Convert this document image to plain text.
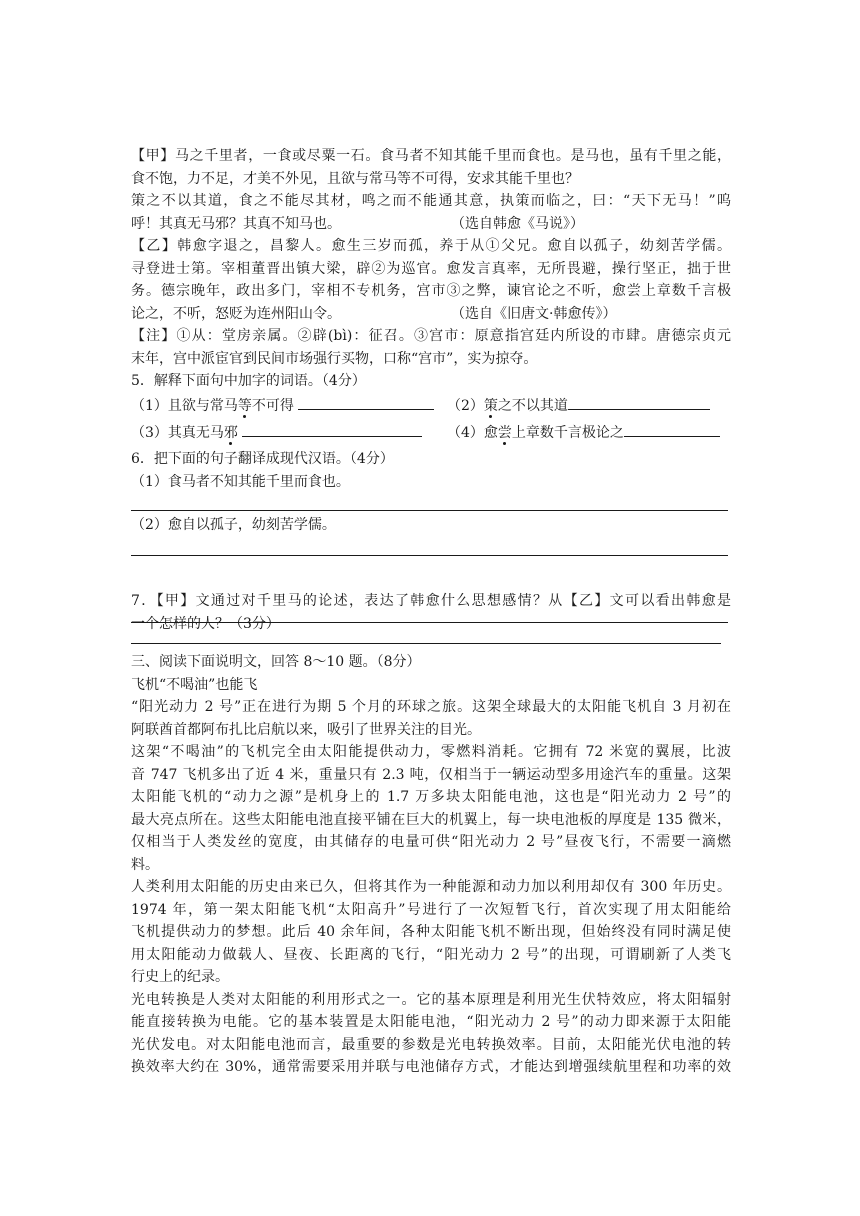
【甲】马之千里者，一食或尽粟一石。食马者不知其能千里而食也。是马也，虽有千里之能，
食不饱，力不足，才美不外见，且欲与常马等不可得，安求其能千里也？
策之不以其道，食之不能尽其材，鸣之而不能通其意，执策而临之，曰：“天下无马！”呜
呼！其真无马邪？其真不知马也。	（选自韩愈《马说》）
【乙】韩愈字退之，昌黎人。愈生三岁而孤，养于从①父兄。愈自以孤子，幼刻苦学儒。
寻登进士第。宰相董晋出镇大梁，辟②为巡官。愈发言真率，无所畏避，操行坚正，拙于世
务。德宗晚年，政出多门，宰相不专机务，宫市③之弊，谏官论之不听，愈尝上章数千言极
论之，不听，怒贬为连州阳山令。	（选自《旧唐文·韩愈传》）
【注】①从：堂房亲属。②辟(bì)：征召。③宫市：原意指宫廷内所设的市肆。唐德宗贞元
末年，宫中派宦官到民间市场强行买物，口称“宫市”，实为掠夺。
5．解释下面句中加字的词语。（4分）
（1）且欲与常马等不可得	（2）策之不以其道
（3）其真无马邪	（4）愈尝上章数千言极论之
6．把下面的句子翻译成现代汉语。（4分）
（1）食马者不知其能千里而食也。
（2）愈自以孤子，幼刻苦学儒。
7．【甲】文通过对千里马的论述，表达了韩愈什么思想感情？从【乙】文可以看出韩愈是
一个怎样的人？（3分）
三、阅读下面说明文，回答 8～10 题。（8分）
飞机“不喝油”也能飞
“阳光动力 2 号”正在进行为期 5 个月的环球之旅。这架全球最大的太阳能飞机自 3 月初在
阿联酋首都阿布扎比启航以来，吸引了世界关注的目光。
这架“不喝油”的飞机完全由太阳能提供动力，零燃料消耗。它拥有 72 米宽的翼展，比波
音 747 飞机多出了近 4 米，重量只有 2.3 吨，仅相当于一辆运动型多用途汽车的重量。这架
太阳能飞机的“动力之源”是机身上的 1.7 万多块太阳能电池，这也是“阳光动力 2 号”的
最大亮点所在。这些太阳能电池直接平铺在巨大的机翼上，每一块电池板的厚度是 135 微米，
仅相当于人类发丝的宽度，由其储存的电量可供“阳光动力 2 号”昼夜飞行，不需要一滴燃
料。
人类利用太阳能的历史由来已久，但将其作为一种能源和动力加以利用却仅有 300 年历史。
1974 年，第一架太阳能飞机“太阳高升”号进行了一次短暂飞行，首次实现了用太阳能给
飞机提供动力的梦想。此后 40 余年间，各种太阳能飞机不断出现，但始终没有同时满足使
用太阳能动力做载人、昼夜、长距离的飞行，“阳光动力 2 号”的出现，可谓刷新了人类飞
行史上的纪录。
光电转换是人类对太阳能的利用形式之一。它的基本原理是利用光生伏特效应，将太阳辐射
能直接转换为电能。它的基本装置是太阳能电池，“阳光动力 2 号”的动力即来源于太阳能
光伏发电。对太阳能电池而言，最重要的参数是光电转换效率。目前，太阳能光伏电池的转
换效率大约在 30%，通常需要采用并联与电池储存方式，才能达到增强续航里程和功率的效
